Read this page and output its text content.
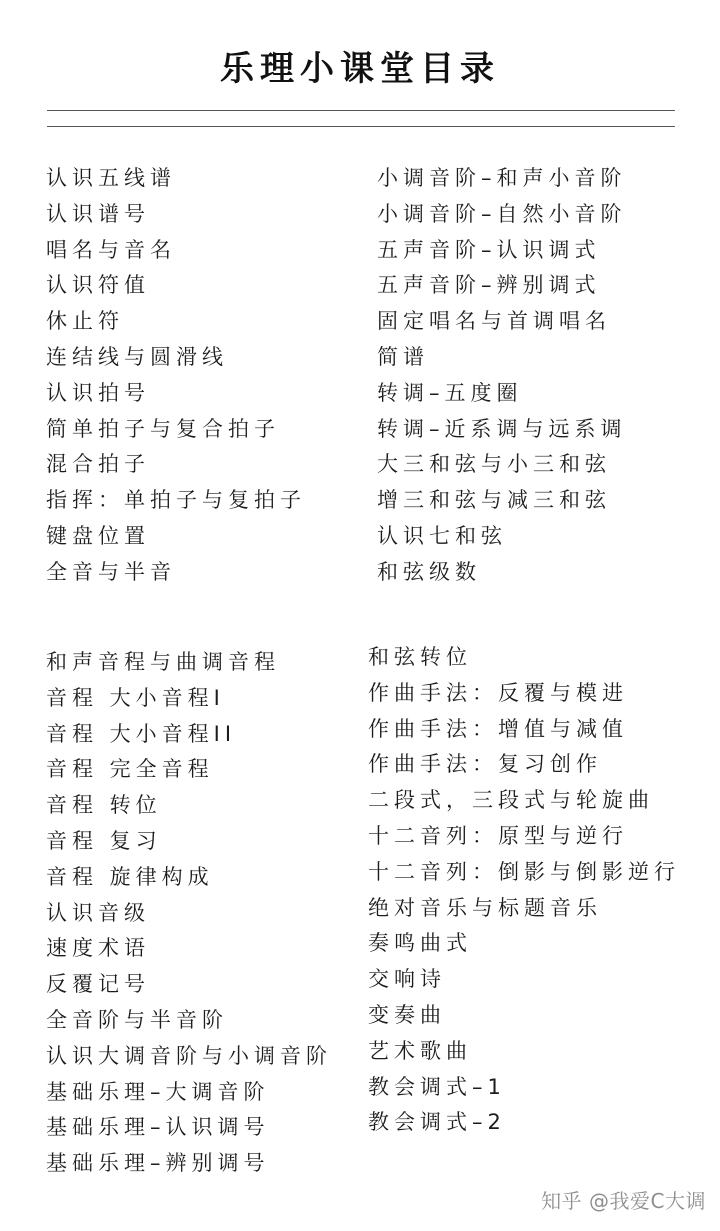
乐理小课堂目录
认识五线谱
认识谱号
唱名与音名
认识符值
休止符
连结线与圆滑线
认识拍号
简单拍子与复合拍子
混合拍子
指挥：单拍子与复拍子
键盘位置
全音与半音
小调音阶–和声小音阶
小调音阶–自然小音阶
五声音阶–认识调式
五声音阶–辨别调式
固定唱名与首调唱名
简谱
转调–五度圈
转调–近系调与远系调
大三和弦与小三和弦
增三和弦与减三和弦
认识七和弦
和弦级数
和声音程与曲调音程
音程 大小音程I
音程 大小音程II
音程 完全音程
音程 转位
音程 复习
音程 旋律构成
认识音级
速度术语
反覆记号
全音阶与半音阶
认识大调音阶与小调音阶
基础乐理–大调音阶
基础乐理–认识调号
基础乐理–辨别调号
和弦转位
作曲手法：反覆与模进
作曲手法：增值与减值
作曲手法：复习创作
二段式，三段式与轮旋曲
十二音列：原型与逆行
十二音列：倒影与倒影逆行
绝对音乐与标题音乐
奏鸣曲式
交响诗
变奏曲
艺术歌曲
教会调式–1
教会调式–2
知乎 @我爱C大调
